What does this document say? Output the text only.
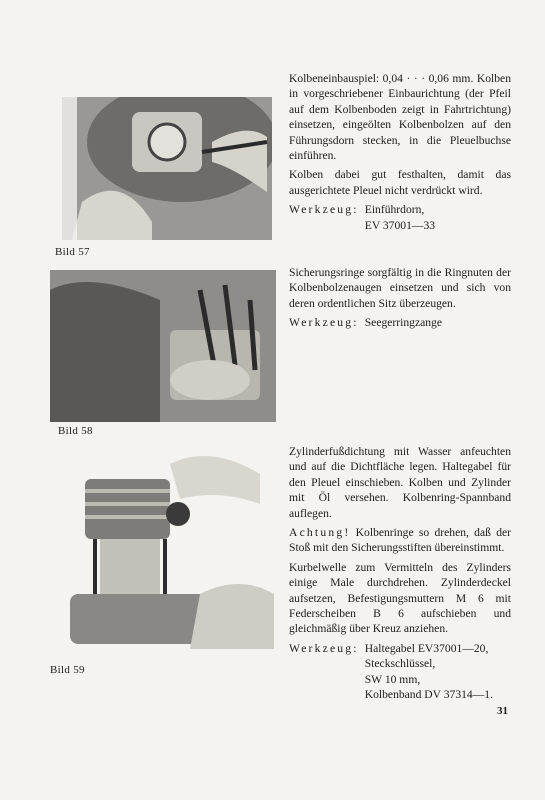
Bild 57
Bild 58
Bild 59

Kolbeneinbauspiel: 0,04 · · · 0,06 mm. Kolben in vorgeschriebener Einbaurichtung (der Pfeil auf dem Kolbenboden zeigt in Fahrtrichtung) einsetzen, eingeölten Kolbenbolzen auf den Führungsdorn stecken, in die Pleuelbuchse einführen.

Kolben dabei gut festhalten, damit das ausgerichtete Pleuel nicht verdrückt wird.

Werkzeug: Einführdorn,
EV 37001—33

Sicherungsringe sorgfältig in die Ringnuten der Kolbenbolzenaugen einsetzen und sich von deren ordentlichen Sitz überzeugen.

Werkzeug: Seegerringzange

Zylinderfußdichtung mit Wasser anfeuchten und auf die Dichtfläche legen. Haltegabel für den Pleuel einschieben. Kolben und Zylinder mit Öl versehen. Kolbenring-Spannband auflegen.

Achtung! Kolbenringe so drehen, daß der Stoß mit den Sicherungsstiften übereinstimmt.

Kurbelwelle zum Vermitteln des Zylinders einige Male durchdrehen. Zylinderdeckel aufsetzen, Befestigungsmuttern M 6 mit Federscheiben B 6 aufschieben und gleichmäßig über Kreuz anziehen.

Werkzeug: Haltegabel EV37001—20,
Steckschlüssel,
SW 10 mm,
Kolbenband DV 37314—1.
31
